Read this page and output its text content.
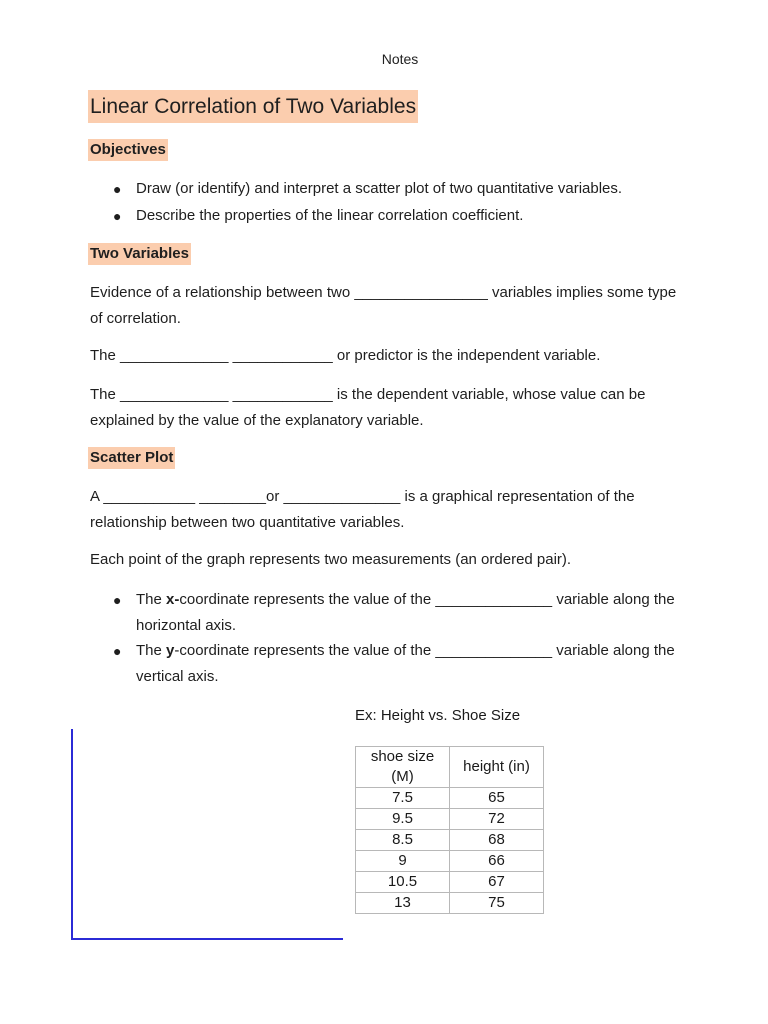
Notes
Linear Correlation of Two Variables
Objectives
● Draw (or identify) and interpret a scatter plot of two quantitative variables.
● Describe the properties of the linear correlation coefficient.
Two Variables
Evidence of a relationship between two ________________ variables implies some type of correlation.
The _____________ ____________ or predictor is the independent variable.
The _____________ ____________ is the dependent variable, whose value can be explained by the value of the explanatory variable.
Scatter Plot
A ___________ ________or ______________ is a graphical representation of the relationship between two quantitative variables.
Each point of the graph represents two measurements (an ordered pair).
● The x-coordinate represents the value of the ______________ variable along the horizontal axis.
● The y-coordinate represents the value of the ______________ variable along the vertical axis.
Ex: Height vs. Shoe Size
shoe size (M)	height (in)
7.5	65
9.5	72
8.5	68
9	66
10.5	67
13	75
